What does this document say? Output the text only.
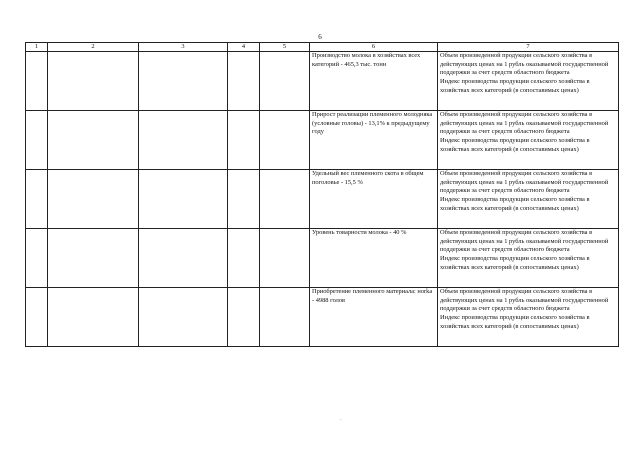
6
1	2	3	4	5	6	7
					Производство молока в хозяйствах всех категорий - 465,3 тыс. тонн	Объем произведенной продукции сельского хозяйства в действующих ценах на 1 рубль оказываемой государственной поддержки за счет средств областного бюджета
Индекс производства продукции сельского хозяйства в хозяйствах всех категорий (в сопоставимых ценах)

					Прирост реализации племенного молодняка (условные головы) - 13,1% к предыдущему году	Объем произведенной продукции сельского хозяйства в действующих ценах на 1 рубль оказываемой государственной поддержки за счет средств областного бюджета
Индекс производства продукции сельского хозяйства в хозяйствах всех категорий (в сопоставимых ценах)

					Удельный вес племенного скота в общем поголовье - 15,5 %	Объем произведенной продукции сельского хозяйства в действующих ценах на 1 рубль оказываемой государственной поддержки за счет средств областного бюджета
Индекс производства продукции сельского хозяйства в хозяйствах всех категорий (в сопоставимых ценах)

					Уровень товарности молока - 40 %	Объем произведенной продукции сельского хозяйства в действующих ценах на 1 рубль оказываемой государственной поддержки за счет средств областного бюджета
Индекс производства продукции сельского хозяйства в хозяйствах всех категорий (в сопоставимых ценах)

					Приобретение племенного материала: нorka - 4988 голов	Объем произведенной продукции сельского хозяйства в действующих ценах на 1 рубль оказываемой государственной поддержки за счет средств областного бюджета
Индекс производства продукции сельского хозяйства в хозяйствах всех категорий (в сопоставимых ценах)
-
